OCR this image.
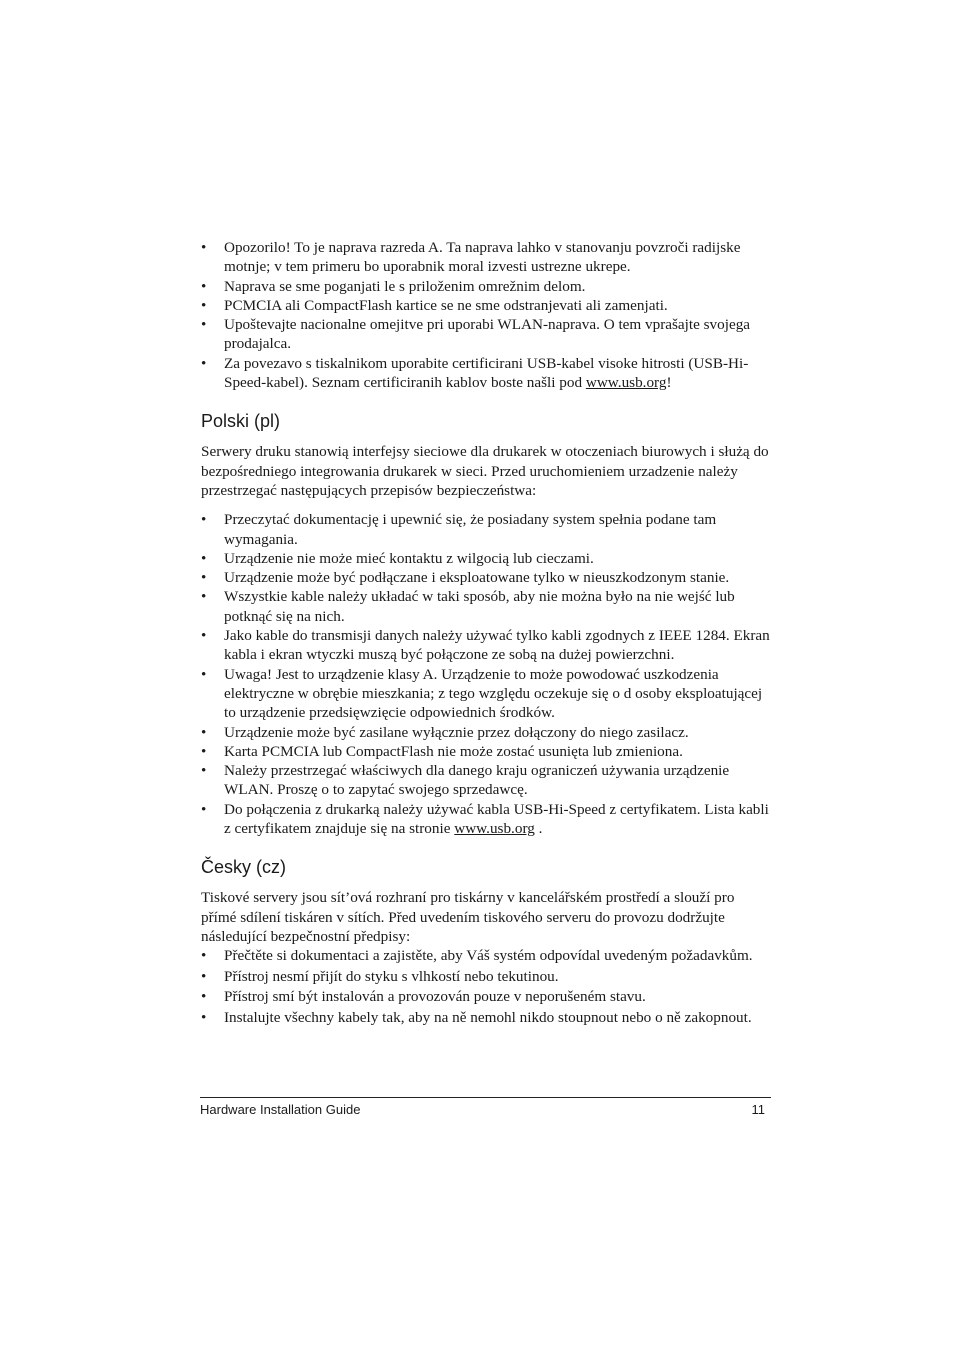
• Opozorilo! To je naprava razreda A. Ta naprava lahko v stanovanju povzroči radijske motnje; v tem primeru bo uporabnik moral izvesti ustrezne ukrepe.
• Naprava se sme poganjati le s priloženim omrežnim delom.
• PCMCIA ali CompactFlash kartice se ne sme odstranjevati ali zamenjati.
• Upoštevajte nacionalne omejitve pri uporabi WLAN-naprava. O tem vprašajte svojega prodajalca.
• Za povezavo s tiskalnikom uporabite certificirani USB-kabel visoke hitrosti (USB-Hi-Speed-kabel). Seznam certificiranih kablov boste našli pod www.usb.org!
Polski (pl)

Serwery druku stanowią interfejsy sieciowe dla drukarek w otoczeniach biurowych i służą do bezpośredniego integrowania drukarek w sieci. Przed uruchomieniem urzadzenie należy przestrzegać następujących przepisów bezpieczeństwa:

• Przeczytać dokumentację i upewnić się, że posiadany system spełnia podane tam wymagania.
• Urządzenie nie może mieć kontaktu z wilgocią lub cieczami.
• Urządzenie może być podłączane i eksploatowane tylko w nieuszkodzonym stanie.
• Wszystkie kable należy układać w taki sposób, aby nie można było na nie wejść lub potknąć się na nich.
• Jako kable do transmisji danych należy używać tylko kabli zgodnych z IEEE 1284. Ekran kabla i ekran wtyczki muszą być połączone ze sobą na dużej powierzchni.
• Uwaga! Jest to urządzenie klasy A. Urządzenie to może powodować uszkodzenia elektryczne w obrębie mieszkania; z tego względu oczekuje się o d osoby eksploatującej to urządzenie przedsięwzięcie odpowiednich środków.
• Urządzenie może być zasilane wyłącznie przez dołączony do niego zasilacz.
• Karta PCMCIA lub CompactFlash nie może zostać usunięta lub zmieniona.
• Należy przestrzegać właściwych dla danego kraju ograniczeń używania urządzenie WLAN. Proszę o to zapytać swojego sprzedawcę.
• Do połączenia z drukarką należy używać kabla USB-Hi-Speed z certyfikatem. Lista kabli z certyfikatem znajduje się na stronie www.usb.org .
Česky (cz)

Tiskové servery jsou sít’ová rozhraní pro tiskárny v kancelářském prostředí a slouží pro přímé sdílení tiskáren v sítích. Před uvedením tiskového serveru do provozu dodržujte následující bezpečnostní předpisy:

• Přečtěte si dokumentaci a zajistěte, aby Váš systém odpovídal uvedeným požadavkům.
• Přístroj nesmí přijít do styku s vlhkostí nebo tekutinou.
• Přístroj smí být instalován a provozován pouze v neporušeném stavu.
• Instalujte všechny kabely tak, aby na ně nemohl nikdo stoupnout nebo o ně zakopnout.
Hardware Installation Guide	11
